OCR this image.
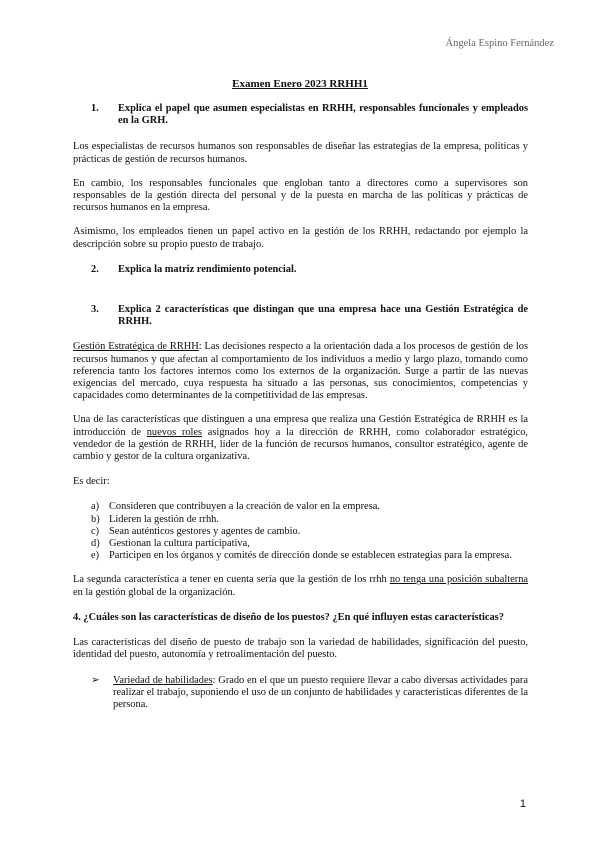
Ángela Espino Fernández
Examen Enero 2023 RRHH1
1.	Explica el papel que asumen especialistas en RRHH, responsables funcionales y empleados en la GRH.

Los especialistas de recursos humanos son responsables de diseñar las estrategias de la empresa, políticas y prácticas de gestión de recursos humanos.

En cambio, los responsables funcionales que engloban tanto a directores como a supervisores son responsables de la gestión directa del personal y de la puesta en marcha de las políticas y prácticas de recursos humanos en la empresa.

Asimismo, los empleados tienen un papel activo en la gestión de los RRHH, redactando por ejemplo la descripción sobre su propio puesto de trabajo.

2.	Explica la matriz rendimiento potencial.
3.	Explica 2 características que distingan que una empresa hace una Gestión Estratégica de RRHH.

Gestión Estratégica de RRHH: Las decisiones respecto a la orientación dada a los procesos de gestión de los recursos humanos y que afectan al comportamiento de los individuos a medio y largo plazo, tomando como referencia tanto los factores internos como los externos de la organización. Surge a partir de las nuevas exigencias del mercado, cuya respuesta ha situado a las personas, sus conocimientos, competencias y capacidades como determinantes de la competitividad de las empresas.

Una de las características que distinguen a una empresa que realiza una Gestión Estratégica de RRHH es la introducción de nuevos roles asignados hoy a la dirección de RRHH, como colaborador estratégico, vendedor de la gestión de RRHH, líder de la función de recursos humanos, consultor estratégico, agente de cambio y gestor de la cultura organizativa.

Es decir:

a) Consideren que contribuyen a la creación de valor en la empresa.
b) Lideren la gestión de rrhh.
c) Sean auténticos gestores y agentes de cambio.
d) Gestionan la cultura participativa,
e) Participen en los órganos y comités de dirección donde se establecen estrategias para la empresa.

La segunda característica a tener en cuenta sería que la gestión de los rrhh no tenga una posición subalterna en la gestión global de la organización.

4. ¿Cuáles son las características de diseño de los puestos? ¿En qué influyen estas características?

Las características del diseño de puesto de trabajo son la variedad de habilidades, significación del puesto, identidad del puesto, autonomía y retroalimentación del puesto.

➢	Variedad de habilidades: Grado en el que un puesto requiere llevar a cabo diversas actividades para realizar el trabajo, suponiendo el uso de un conjunto de habilidades y características diferentes de la persona.
1
